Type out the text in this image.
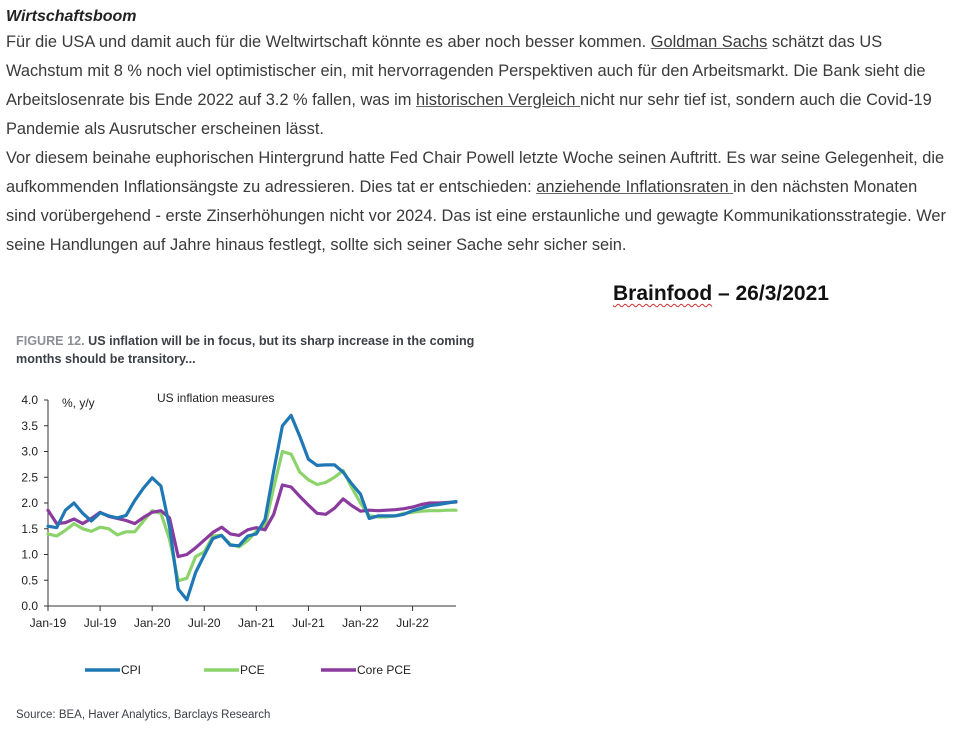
Wirtschaftsboom

Für die USA und damit auch für die Weltwirtschaft könnte es aber noch besser kommen. Goldman Sachs schätzt das US Wachstum mit 8 % noch viel optimistischer ein, mit hervorragenden Perspektiven auch für den Arbeitsmarkt. Die Bank sieht die Arbeitslosenrate bis Ende 2022 auf 3.2 % fallen, was im historischen Vergleich nicht nur sehr tief ist, sondern auch die Covid-19 Pandemie als Ausrutscher erscheinen lässt.

Vor diesem beinahe euphorischen Hintergrund hatte Fed Chair Powell letzte Woche seinen Auftritt. Es war seine Gelegenheit, die aufkommenden Inflationsängste zu adressieren. Dies tat er entschieden: anziehende Inflationsraten in den nächsten Monaten sind vorübergehend - erste Zinserhöhungen nicht vor 2024. Das ist eine erstaunliche und gewagte Kommunikationsstrategie. Wer seine Handlungen auf Jahre hinaus festlegt, sollte sich seiner Sache sehr sicher sein.

Brainfood – 26/3/2021
FIGURE 12. US inflation will be in focus, but its sharp increase in the coming months should be transitory...
0.0
0.5
1.0
1.5
2.0
2.5
3.0
3.5
4.0
Jan-19 Jul-19 Jan-20 Jul-20 Jan-21 Jul-21 Jan-22 Jul-22
%, y/y	US inflation measures
CPI	PCE	Core PCE
Source: BEA, Haver Analytics, Barclays Research
